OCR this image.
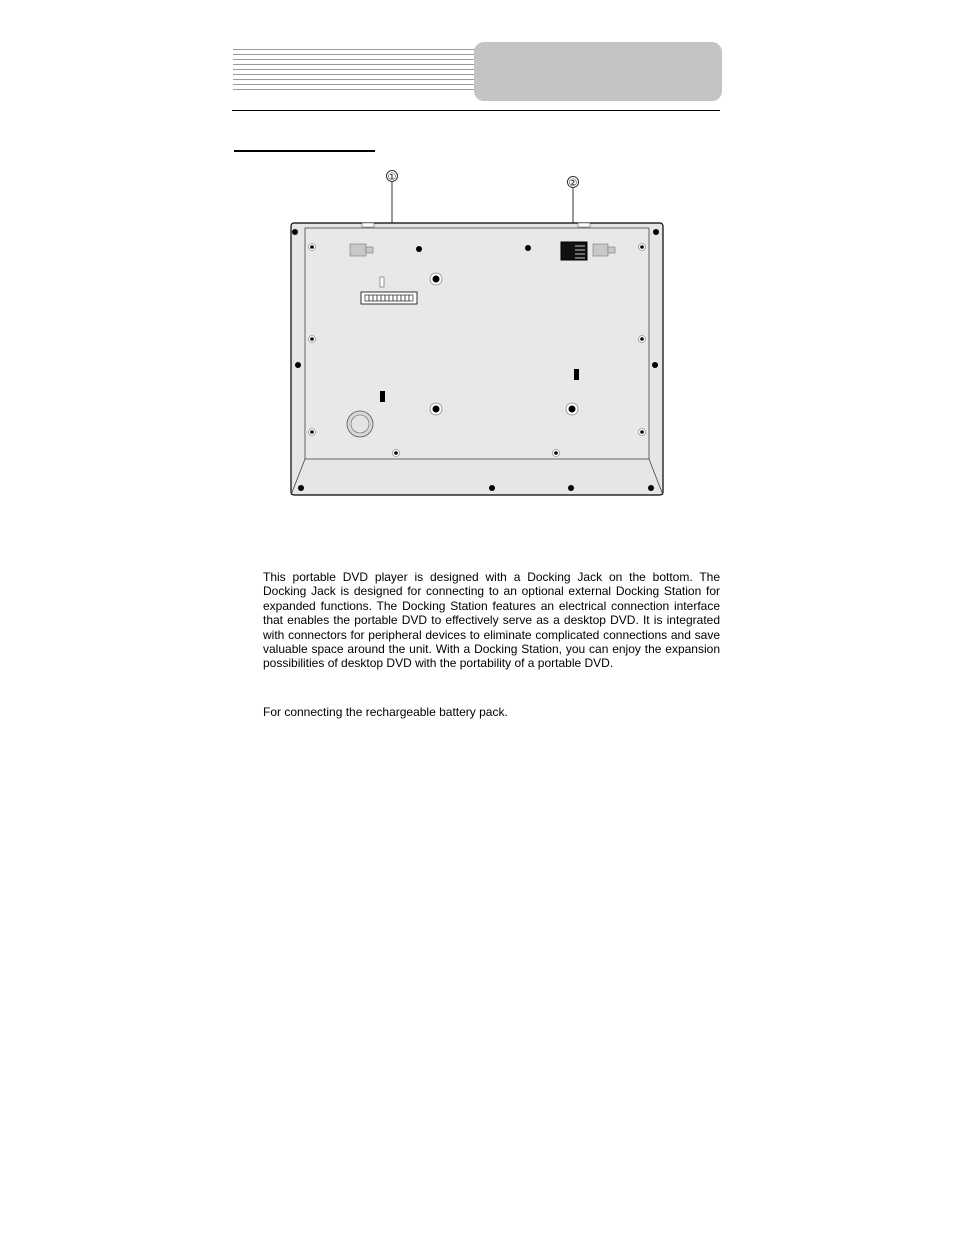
①
②

This portable DVD player is designed with a Docking Jack on the bottom. The Docking Jack is designed for connecting to an optional external Docking Station for expanded functions. The Docking Station features an electrical connection interface that enables the portable DVD to effectively serve as a desktop DVD. It is integrated with connectors for peripheral devices to eliminate complicated connections and save valuable space around the unit. With a Docking Station, you can enjoy the expansion possibilities of desktop DVD with the portability of a portable DVD.

For connecting the rechargeable battery pack.
